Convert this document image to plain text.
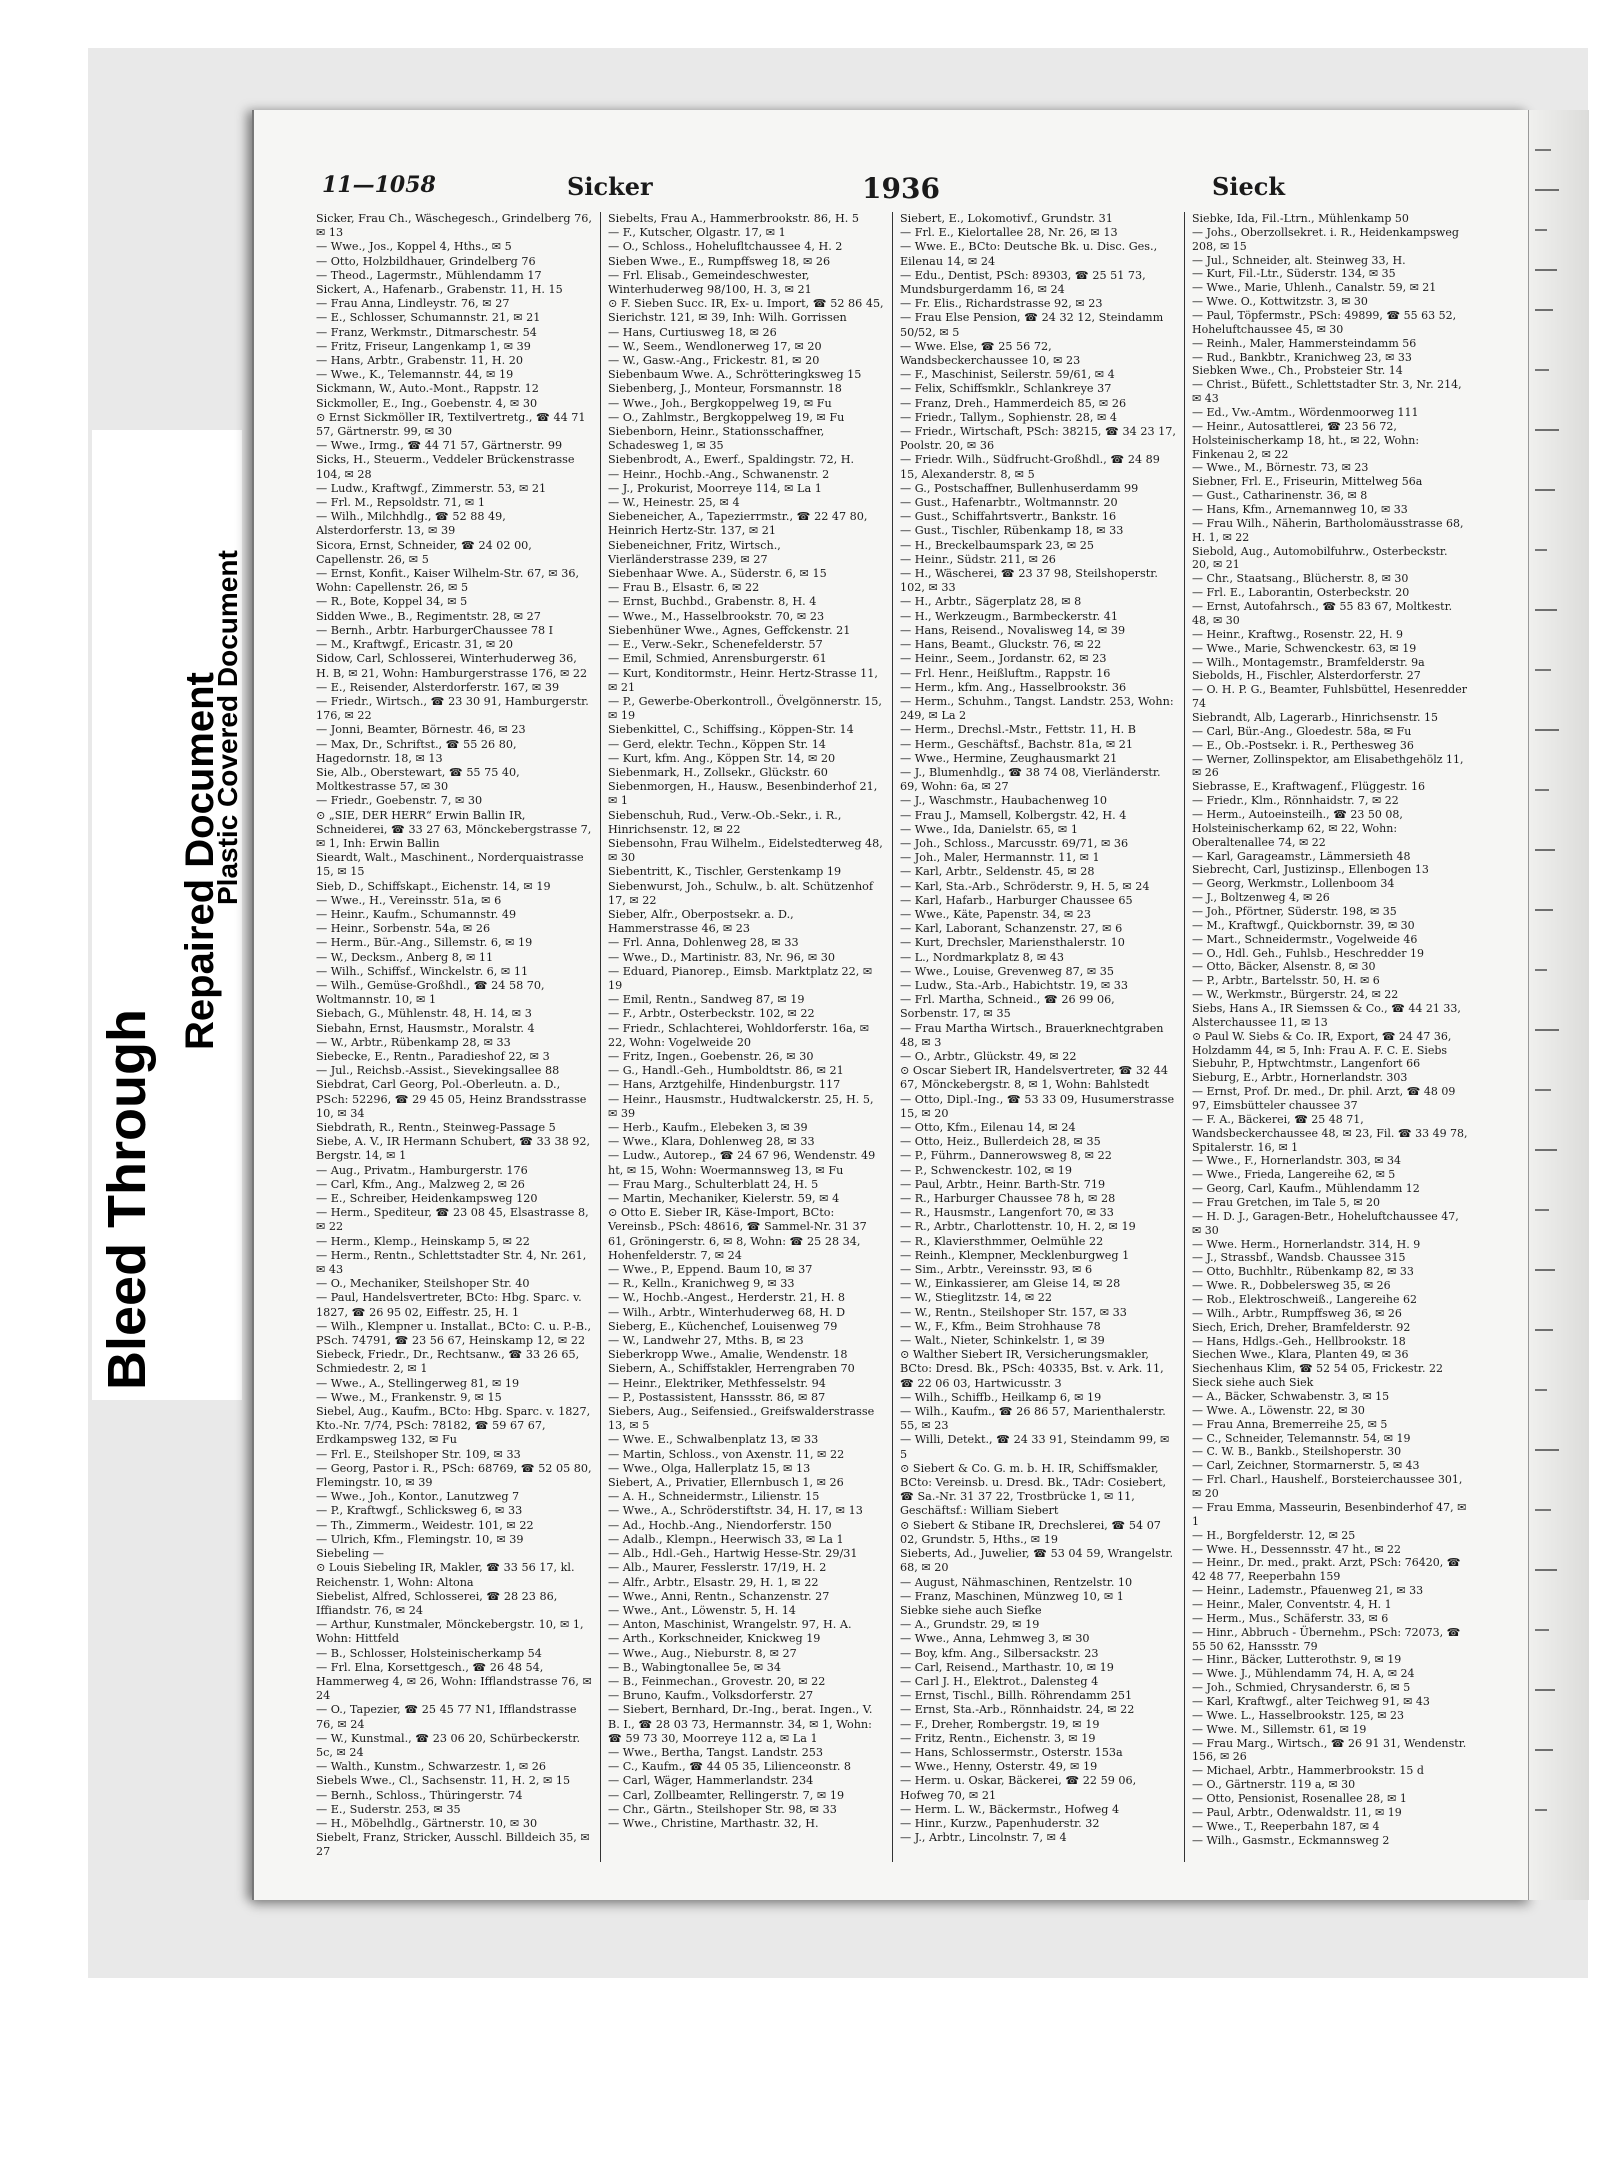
Bleed Through
Repaired Document
Plastic Covered Document
11—1058	Sicker	1936	Sieck

Sicker, Frau Ch., Wäschegesch., Grindelberg 76, ✉ 13

— Wwe., Jos., Koppel 4, Hths., ✉ 5

— Otto, Holzbildhauer, Grindelberg 76

— Theod., Lagermstr., Mühlendamm 17

Sickert, A., Hafenarb., Grabenstr. 11, H. 15

— Frau Anna, Lindleystr. 76, ✉ 27

— E., Schlosser, Schumannstr. 21, ✉ 21

— Franz, Werkmstr., Ditmarschestr. 54

— Fritz, Friseur, Langenkamp 1, ✉ 39

— Hans, Arbtr., Grabenstr. 11, H. 20

— Wwe., K., Telemannstr. 44, ✉ 19

Sickmann, W., Auto.-Mont., Rappstr. 12

Sickmoller, E., Ing., Goebenstr. 4, ✉ 30

⊙ Ernst Sickmöller IR, Textilvertretg., ☎ 44 71 57, Gärtnerstr. 99, ✉ 30

— Wwe., Irmg., ☎ 44 71 57, Gärtnerstr. 99

Sicks, H., Steuerm., Veddeler Brückenstrasse 104, ✉ 28

— Ludw., Kraftwgf., Zimmerstr. 53, ✉ 21

— Frl. M., Repsoldstr. 71, ✉ 1

— Wilh., Milchhdlg., ☎ 52 88 49, Alsterdorferstr. 13, ✉ 39

Sicora, Ernst, Schneider, ☎ 24 02 00, Capellenstr. 26, ✉ 5

— Ernst, Konfit., Kaiser Wilhelm-Str. 67, ✉ 36, Wohn: Capellenstr. 26, ✉ 5

— R., Bote, Koppel 34, ✉ 5

Sidden Wwe., B., Regimentstr. 28, ✉ 27

— Bernh., Arbtr. HarburgerChaussee 78 I

— M., Kraftwgf., Ericastr. 31, ✉ 20

Sidow, Carl, Schlosserei, Winterhuderweg 36, H. B, ✉ 21, Wohn: Hamburgerstrasse 176, ✉ 22

— E., Reisender, Alsterdorferstr. 167, ✉ 39

— Friedr., Wirtsch., ☎ 23 30 91, Hamburgerstr. 176, ✉ 22

— Jonni, Beamter, Börnestr. 46, ✉ 23

— Max, Dr., Schriftst., ☎ 55 26 80, Hagedornstr. 18, ✉ 13

Sie, Alb., Oberstewart, ☎ 55 75 40, Moltkestrasse 57, ✉ 30

— Friedr., Goebenstr. 7, ✉ 30

⊙ „SIE, DER HERR“ Erwin Ballin IR, Schneiderei, ☎ 33 27 63, Mönckebergstrasse 7, ✉ 1, Inh: Erwin Ballin

Sieardt, Walt., Maschinent., Norderquaistrasse 15, ✉ 15

Sieb, D., Schiffskapt., Eichenstr. 14, ✉ 19

— Wwe., H., Vereinsstr. 51a, ✉ 6

— Heinr., Kaufm., Schumannstr. 49

— Heinr., Sorbenstr. 54a, ✉ 26

— Herm., Bür.-Ang., Sillemstr. 6, ✉ 19

— W., Decksm., Anberg 8, ✉ 11

— Wilh., Schiffsf., Winckelstr. 6, ✉ 11

— Wilh., Gemüse-Großhdl., ☎ 24 58 70, Woltmannstr. 10, ✉ 1

Siebach, G., Mühlenstr. 48, H. 14, ✉ 3

Siebahn, Ernst, Hausmstr., Moralstr. 4

— W., Arbtr., Rübenkamp 28, ✉ 33

Siebecke, E., Rentn., Paradieshof 22, ✉ 3

— Jul., Reichsb.-Assist., Sievekingsallee 88

Siebdrat, Carl Georg, Pol.-Oberleutn. a. D., PSch: 52296, ☎ 29 45 05, Heinz Brandsstrasse 10, ✉ 34

Siebdrath, R., Rentn., Steinweg-Passage 5

Siebe, A. V., IR Hermann Schubert, ☎ 33 38 92, Bergstr. 14, ✉ 1

— Aug., Privatm., Hamburgerstr. 176

— Carl, Kfm., Ang., Malzweg 2, ✉ 26

— E., Schreiber, Heidenkampsweg 120

— Herm., Spediteur, ☎ 23 08 45, Elsastrasse 8, ✉ 22

— Herm., Klemp., Heinskamp 5, ✉ 22

— Herm., Rentn., Schlettstadter Str. 4, Nr. 261, ✉ 43

— O., Mechaniker, Steilshoper Str. 40

— Paul, Handelsvertreter, BCto: Hbg. Sparc. v. 1827, ☎ 26 95 02, Eiffestr. 25, H. 1

— Wilh., Klempner u. Installat., BCto: C. u. P.-B., PSch. 74791, ☎ 23 56 67, Heinskamp 12, ✉ 22

Siebeck, Friedr., Dr., Rechtsanw., ☎ 33 26 65, Schmiedestr. 2, ✉ 1

— Wwe., A., Stellingerweg 81, ✉ 19

— Wwe., M., Frankenstr. 9, ✉ 15

Siebel, Aug., Kaufm., BCto: Hbg. Sparc. v. 1827, Kto.-Nr. 7/74, PSch: 78182, ☎ 59 67 67, Erdkampsweg 132, ✉ Fu

— Frl. E., Steilshoper Str. 109, ✉ 33

— Georg, Pastor i. R., PSch: 68769, ☎ 52 05 80, Flemingstr. 10, ✉ 39

— Wwe., Joh., Kontor., Lanutzweg 7

— P., Kraftwgf., Schlicksweg 6, ✉ 33

— Th., Zimmerm., Weidestr. 101, ✉ 22

— Ulrich, Kfm., Flemingstr. 10, ✉ 39

Siebeling —

⊙ Louis Siebeling IR, Makler, ☎ 33 56 17, kl. Reichenstr. 1, Wohn: Altona

Siebelist, Alfred, Schlosserei, ☎ 28 23 86, Iffiandstr. 76, ✉ 24

— Arthur, Kunstmaler, Mönckebergstr. 10, ✉ 1, Wohn: Hittfeld

— B., Schlosser, Holsteinischerkamp 54

— Frl. Elna, Korsettgesch., ☎ 26 48 54, Hammerweg 4, ✉ 26, Wohn: Ifflandstrasse 76, ✉ 24

— O., Tapezier, ☎ 25 45 77 N1, Ifflandstrasse 76, ✉ 24

— W., Kunstmal., ☎ 23 06 20, Schürbeckerstr. 5c, ✉ 24

— Walth., Kunstm., Schwarzestr. 1, ✉ 26

Siebels Wwe., Cl., Sachsenstr. 11, H. 2, ✉ 15

— Bernh., Schloss., Thüringerstr. 74

— E., Suderstr. 253, ✉ 35

— H., Möbelhdlg., Gärtnerstr. 10, ✉ 30

Siebelt, Franz, Stricker, Ausschl. Billdeich 35, ✉ 27

Siebelts, Frau A., Hammerbrookstr. 86, H. 5

— F., Kutscher, Olgastr. 17, ✉ 1

— O., Schloss., Hohelufltchaussee 4, H. 2

Sieben Wwe., E., Rumpffsweg 18, ✉ 26

— Frl. Elisab., Gemeindeschwester, Winterhuderweg 98/100, H. 3, ✉ 21

⊙ F. Sieben Succ. IR, Ex- u. Import, ☎ 52 86 45, Sierichstr. 121, ✉ 39, Inh: Wilh. Gorrissen

— Hans, Curtiusweg 18, ✉ 26

— W., Seem., Wendlonerweg 17, ✉ 20

— W., Gasw.-Ang., Frickestr. 81, ✉ 20

Siebenbaum Wwe. A., Schrötteringksweg 15

Siebenberg, J., Monteur, Forsmannstr. 18

— Wwe., Joh., Bergkoppelweg 19, ✉ Fu

— O., Zahlmstr., Bergkoppelweg 19, ✉ Fu

Siebenborn, Heinr., Stationsschaffner, Schadesweg 1, ✉ 35

Siebenbrodt, A., Ewerf., Spaldingstr. 72, H.

— Heinr., Hochb.-Ang., Schwanenstr. 2

— J., Prokurist, Moorreye 114, ✉ La 1

— W., Heinestr. 25, ✉ 4

Siebeneicher, A., Tapezierrmstr., ☎ 22 47 80, Heinrich Hertz-Str. 137, ✉ 21

Siebeneichner, Fritz, Wirtsch., Vierländerstrasse 239, ✉ 27

Siebenhaar Wwe. A., Süderstr. 6, ✉ 15

— Frau B., Elsastr. 6, ✉ 22

— Ernst, Buchbd., Grabenstr. 8, H. 4

— Wwe., M., Hasselbrookstr. 70, ✉ 23

Siebenhüner Wwe., Agnes, Geffckenstr. 21

— E., Verw.-Sekr., Schenefelderstr. 57

— Emil, Schmied, Anrensburgerstr. 61

— Kurt, Konditormstr., Heinr. Hertz-Strasse 11, ✉ 21

— P., Gewerbe-Oberkontroll., Övelgönnerstr. 15, ✉ 19

Siebenkittel, C., Schiffsing., Köppen-Str. 14

— Gerd, elektr. Techn., Köppen Str. 14

— Kurt, kfm. Ang., Köppen Str. 14, ✉ 20

Siebenmark, H., Zollsekr., Glückstr. 60

Siebenmorgen, H., Hausw., Besenbinderhof 21, ✉ 1

Siebenschuh, Rud., Verw.-Ob.-Sekr., i. R., Hinrichsenstr. 12, ✉ 22

Siebensohn, Frau Wilhelm., Eidelstedterweg 48, ✉ 30

Siebentritt, K., Tischler, Gerstenkamp 19

Siebenwurst, Joh., Schulw., b. alt. Schützenhof 17, ✉ 22

Sieber, Alfr., Oberpostsekr. a. D., Hammerstrasse 46, ✉ 23

— Frl. Anna, Dohlenweg 28, ✉ 33

— Wwe., D., Martinistr. 83, Nr. 96, ✉ 30

— Eduard, Pianorep., Eimsb. Marktplatz 22, ✉ 19

— Emil, Rentn., Sandweg 87, ✉ 19

— F., Arbtr., Osterbeckstr. 102, ✉ 22

— Friedr., Schlachterei, Wohldorferstr. 16a, ✉ 22, Wohn: Vogelweide 20

— Fritz, Ingen., Goebenstr. 26, ✉ 30

— G., Handl.-Geh., Humboldtstr. 86, ✉ 21

— Hans, Arztgehilfe, Hindenburgstr. 117

— Heinr., Hausmstr., Hudtwalckerstr. 25, H. 5, ✉ 39

— Herb., Kaufm., Elebeken 3, ✉ 39

— Wwe., Klara, Dohlenweg 28, ✉ 33

— Ludw., Autorep., ☎ 24 67 96, Wendenstr. 49 ht, ✉ 15, Wohn: Woermannsweg 13, ✉ Fu

— Frau Marg., Schulterblatt 24, H. 5

— Martin, Mechaniker, Kielerstr. 59, ✉ 4

⊙ Otto E. Sieber IR, Käse-Import, BCto: Vereinsb., PSch: 48616, ☎ Sammel-Nr. 31 37 61, Gröningerstr. 6, ✉ 8, Wohn: ☎ 25 28 34, Hohenfelderstr. 7, ✉ 24

— Wwe., P., Eppend. Baum 10, ✉ 37

— R., Kelln., Kranichweg 9, ✉ 33

— W., Hochb.-Angest., Herderstr. 21, H. 8

— Wilh., Arbtr., Winterhuderweg 68, H. D

Sieberg, E., Küchenchef, Louisenweg 79

— W., Landwehr 27, Mths. B, ✉ 23

Sieberkropp Wwe., Amalie, Wendenstr. 18

Siebern, A., Schiffstakler, Herrengraben 70

— Heinr., Elektriker, Methfesselstr. 94

— P., Postassistent, Hanssstr. 86, ✉ 87

Siebers, Aug., Seifensied., Greifswalderstrasse 13, ✉ 5

— Wwe. E., Schwalbenplatz 13, ✉ 33

— Martin, Schloss., von Axenstr. 11, ✉ 22

— Wwe., Olga, Hallerplatz 15, ✉ 13

Siebert, A., Privatier, Ellernbusch 1, ✉ 26

— A. H., Schneidermstr., Lilienstr. 15

— Wwe., A., Schröderstiftstr. 34, H. 17, ✉ 13

— Ad., Hochb.-Ang., Niendorferstr. 150

— Adalb., Klempn., Heerwisch 33, ✉ La 1

— Alb., Hdl.-Geh., Hartwig Hesse-Str. 29/31

— Alb., Maurer, Fesslerstr. 17/19, H. 2

— Alfr., Arbtr., Elsastr. 29, H. 1, ✉ 22

— Wwe., Anni, Rentn., Schanzenstr. 27

— Wwe., Ant., Löwenstr. 5, H. 14

— Anton, Maschinist, Wrangelstr. 97, H. A.

— Arth., Korkschneider, Knickweg 19

— Wwe., Aug., Nieburstr. 8, ✉ 27

— B., Wabingtonallee 5e, ✉ 34

— B., Feinmechan., Grovestr. 20, ✉ 22

— Bruno, Kaufm., Volksdorferstr. 27

— Siebert, Bernhard, Dr.-Ing., berat. Ingen., V. B. I., ☎ 28 03 73, Hermannstr. 34, ✉ 1, Wohn: ☎ 59 73 30, Moorreye 112 a, ✉ La 1

— Wwe., Bertha, Tangst. Landstr. 253

— C., Kaufm., ☎ 44 05 35, Lilienceonstr. 8

— Carl, Wäger, Hammerlandstr. 234

— Carl, Zollbeamter, Rellingerstr. 7, ✉ 19

— Chr., Gärtn., Steilshoper Str. 98, ✉ 33

— Wwe., Christine, Marthastr. 32, H.

Siebert, E., Lokomotivf., Grundstr. 31

— Frl. E., Kielortallee 28, Nr. 26, ✉ 13

— Wwe. E., BCto: Deutsche Bk. u. Disc. Ges., Eilenau 14, ✉ 24

— Edu., Dentist, PSch: 89303, ☎ 25 51 73, Mundsburgerdamm 16, ✉ 24

— Fr. Elis., Richardstrasse 92, ✉ 23

— Frau Else Pension, ☎ 24 32 12, Steindamm 50/52, ✉ 5

— Wwe. Else, ☎ 25 56 72, Wandsbeckerchaussee 10, ✉ 23

— F., Maschinist, Seilerstr. 59/61, ✉ 4

— Felix, Schiffsmklr., Schlankreye 37

— Franz, Dreh., Hammerdeich 85, ✉ 26

— Friedr., Tallym., Sophienstr. 28, ✉ 4

— Friedr., Wirtschaft, PSch: 38215, ☎ 34 23 17, Poolstr. 20, ✉ 36

— Friedr. Wilh., Südfrucht-Großhdl., ☎ 24 89 15, Alexanderstr. 8, ✉ 5

— G., Postschaffner, Bullenhuserdamm 99

— Gust., Hafenarbtr., Woltmannstr. 20

— Gust., Schiffahrtsvertr., Bankstr. 16

— Gust., Tischler, Rübenkamp 18, ✉ 33

— H., Breckelbaumspark 23, ✉ 25

— Heinr., Südstr. 211, ✉ 26

— H., Wäscherei, ☎ 23 37 98, Steilshoperstr. 102, ✉ 33

— H., Arbtr., Sägerplatz 28, ✉ 8

— H., Werkzeugm., Barmbeckerstr. 41

— Hans, Reisend., Novalisweg 14, ✉ 39

— Hans, Beamt., Gluckstr. 76, ✉ 22

— Heinr., Seem., Jordanstr. 62, ✉ 23

— Frl. Henr., Heißluftm., Rappstr. 16

— Herm., kfm. Ang., Hasselbrookstr. 36

— Herm., Schuhm., Tangst. Landstr. 253, Wohn: 249, ✉ La 2

— Herm., Drechsl.-Mstr., Fettstr. 11, H. B

— Herm., Geschäftsf., Bachstr. 81a, ✉ 21

— Wwe., Hermine, Zeughausmarkt 21

— J., Blumenhdlg., ☎ 38 74 08, Vierländerstr. 69, Wohn: 6a, ✉ 27

— J., Waschmstr., Haubachenweg 10

— Frau J., Mamsell, Kolbergstr. 42, H. 4

— Wwe., Ida, Danielstr. 65, ✉ 1

— Joh., Schloss., Marcusstr. 69/71, ✉ 36

— Joh., Maler, Hermannstr. 11, ✉ 1

— Karl, Arbtr., Seldenstr. 45, ✉ 28

— Karl, Sta.-Arb., Schröderstr. 9, H. 5, ✉ 24

— Karl, Hafarb., Harburger Chaussee 65

— Wwe., Käte, Papenstr. 34, ✉ 23

— Karl, Laborant, Schanzenstr. 27, ✉ 6

— Kurt, Drechsler, Mariensthalerstr. 10

— L., Nordmarkplatz 8, ✉ 43

— Wwe., Louise, Grevenweg 87, ✉ 35

— Ludw., Sta.-Arb., Habichtstr. 19, ✉ 33

— Frl. Martha, Schneid., ☎ 26 99 06, Sorbenstr. 17, ✉ 35

— Frau Martha Wirtsch., Brauerknechtgraben 48, ✉ 3

— O., Arbtr., Glückstr. 49, ✉ 22

⊙ Oscar Siebert IR, Handelsvertreter, ☎ 32 44 67, Mönckebergstr. 8, ✉ 1, Wohn: Bahlstedt

— Otto, Dipl.-Ing., ☎ 53 33 09, Husumerstrasse 15, ✉ 20

— Otto, Kfm., Eilenau 14, ✉ 24

— Otto, Heiz., Bullerdeich 28, ✉ 35

— P., Führm., Dannerowsweg 8, ✉ 22

— P., Schwenckestr. 102, ✉ 19

— Paul, Arbtr., Heinr. Barth-Str. 719

— R., Harburger Chaussee 78 h, ✉ 28

— R., Hausmstr., Langenfort 70, ✉ 33

— R., Arbtr., Charlottenstr. 10, H. 2, ✉ 19

— R., Klaviersthmmer, Oelmühle 22

— Reinh., Klempner, Mecklenburgweg 1

— Sim., Arbtr., Vereinsstr. 93, ✉ 6

— W., Einkassierer, am Gleise 14, ✉ 28

— W., Stieglitzstr. 14, ✉ 22

— W., Rentn., Steilshoper Str. 157, ✉ 33

— W., F., Kfm., Beim Strohhause 78

— Walt., Nieter, Schinkelstr. 1, ✉ 39

⊙ Walther Siebert IR, Versicherungsmakler, BCto: Dresd. Bk., PSch: 40335, Bst. v. Ark. 11, ☎ 22 06 03, Hartwicusstr. 3

— Wilh., Schiffb., Heilkamp 6, ✉ 19

— Wilh., Kaufm., ☎ 26 86 57, Marienthalerstr. 55, ✉ 23

— Willi, Detekt., ☎ 24 33 91, Steindamm 99, ✉ 5

⊙ Siebert & Co. G. m. b. H. IR, Schiffsmakler, BCto: Vereinsb. u. Dresd. Bk., TAdr: Cosiebert, ☎ Sa.-Nr. 31 37 22, Trostbrücke 1, ✉ 11, Geschäftsf.: William Siebert

⊙ Siebert & Stibane IR, Drechslerei, ☎ 54 07 02, Grundstr. 5, Hths., ✉ 19

Sieberts, Ad., Juwelier, ☎ 53 04 59, Wrangelstr. 68, ✉ 20

— August, Nähmaschinen, Rentzelstr. 10

— Franz, Maschinen, Münzweg 10, ✉ 1

Siebke siehe auch Siefke

— A., Grundstr. 29, ✉ 19

— Wwe., Anna, Lehmweg 3, ✉ 30

— Boy, kfm. Ang., Silbersackstr. 23

— Carl, Reisend., Marthastr. 10, ✉ 19

— Carl J. H., Elektrot., Dalensteg 4

— Ernst, Tischl., Billh. Röhrendamm 251

— Ernst, Sta.-Arb., Rönnhaidstr. 24, ✉ 22

— F., Dreher, Rombergstr. 19, ✉ 19

— Fritz, Rentn., Eichenstr. 3, ✉ 19

— Hans, Schlossermstr., Osterstr. 153a

— Wwe., Henny, Osterstr. 49, ✉ 19

— Herm. u. Oskar, Bäckerei, ☎ 22 59 06, Hofweg 70, ✉ 21

— Herm. L. W., Bäckermstr., Hofweg 4

— Hinr., Kurzw., Papenhuderstr. 32

— J., Arbtr., Lincolnstr. 7, ✉ 4

Siebke, Ida, Fil.-Ltrn., Mühlenkamp 50

— Johs., Oberzollsekret. i. R., Heidenkampsweg 208, ✉ 15

— Jul., Schneider, alt. Steinweg 33, H.

— Kurt, Fil.-Ltr., Süderstr. 134, ✉ 35

— Wwe., Marie, Uhlenh., Canalstr. 59, ✉ 21

— Wwe. O., Kottwitzstr. 3, ✉ 30

— Paul, Töpfermstr., PSch: 49899, ☎ 55 63 52, Hoheluftchaussee 45, ✉ 30

— Reinh., Maler, Hammersteindamm 56

— Rud., Bankbtr., Kranichweg 23, ✉ 33

Siebken Wwe., Ch., Probsteier Str. 14

— Christ., Büfett., Schlettstadter Str. 3, Nr. 214, ✉ 43

— Ed., Vw.-Amtm., Wördenmoorweg 111

— Heinr., Autosattlerei, ☎ 23 56 72, Holsteinischerkamp 18, ht., ✉ 22, Wohn: Finkenau 2, ✉ 22

— Wwe., M., Börnestr. 73, ✉ 23

Siebner, Frl. E., Friseurin, Mittelweg 56a

— Gust., Catharinenstr. 36, ✉ 8

— Hans, Kfm., Arnemannweg 10, ✉ 33

— Frau Wilh., Näherin, Bartholomäusstrasse 68, H. 1, ✉ 22

Siebold, Aug., Automobilfuhrw., Osterbeckstr. 20, ✉ 21

— Chr., Staatsang., Blücherstr. 8, ✉ 30

— Frl. E., Laborantin, Osterbeckstr. 20

— Ernst, Autofahrsch., ☎ 55 83 67, Moltkestr. 48, ✉ 30

— Heinr., Kraftwg., Rosenstr. 22, H. 9

— Wwe., Marie, Schwenckestr. 63, ✉ 19

— Wilh., Montagemstr., Bramfelderstr. 9a

Siebolds, H., Fischler, Alsterdorferstr. 27

— O. H. P. G., Beamter, Fuhlsbüttel, Hesenredder 74

Siebrandt, Alb, Lagerarb., Hinrichsenstr. 15

— Carl, Bür.-Ang., Gloedestr. 58a, ✉ Fu

— E., Ob.-Postsekr. i. R., Perthesweg 36

— Werner, Zollinspektor, am Elisabethgehölz 11, ✉ 26

Siebrasse, E., Kraftwagenf., Flüggestr. 16

— Friedr., Klm., Rönnhaidstr. 7, ✉ 22

— Herm., Autoeinsteilh., ☎ 23 50 08, Holsteinischerkamp 62, ✉ 22, Wohn: Oberaltenallee 74, ✉ 22

— Karl, Garageamstr., Lämmersieth 48

Siebrecht, Carl, Justizinsp., Ellenbogen 13

— Georg, Werkmstr., Lollenboom 34

— J., Boltzenweg 4, ✉ 26

— Joh., Pförtner, Süderstr. 198, ✉ 35

— M., Kraftwgf., Quickbornstr. 39, ✉ 30

— Mart., Schneidermstr., Vogelweide 46

— O., Hdl. Geh., Fuhlsb., Heschredder 19

— Otto, Bäcker, Alsenstr. 8, ✉ 30

— P., Arbtr., Bartelsstr. 50, H. ✉ 6

— W., Werkmstr., Bürgerstr. 24, ✉ 22

Siebs, Hans A., IR Siemssen & Co., ☎ 44 21 33, Alsterchaussee 11, ✉ 13

⊙ Paul W. Siebs & Co. IR, Export, ☎ 24 47 36, Holzdamm 44, ✉ 5, Inh: Frau A. F. C. E. Siebs

Siebuhr, P., Hptwchtmstr., Langenfort 66

Sieburg, E., Arbtr., Hornerlandstr. 303

— Ernst, Prof. Dr. med., Dr. phil. Arzt, ☎ 48 09 97, Eimsbütteler chaussee 37

— F. A., Bäckerei, ☎ 25 48 71, Wandsbeckerchaussee 48, ✉ 23, Fil. ☎ 33 49 78, Spitalerstr. 16, ✉ 1

— Wwe., F., Hornerlandstr. 303, ✉ 34

— Wwe., Frieda, Langereihe 62, ✉ 5

— Georg, Carl, Kaufm., Mühlendamm 12

— Frau Gretchen, im Tale 5, ✉ 20

— H. D. J., Garagen-Betr., Hoheluftchaussee 47, ✉ 30

— Wwe. Herm., Hornerlandstr. 314, H. 9

— J., Strassbf., Wandsb. Chaussee 315

— Otto, Buchhltr., Rübenkamp 82, ✉ 33

— Wwe. R., Dobbelersweg 35, ✉ 26

— Rob., Elektroschweiß., Langereihe 62

— Wilh., Arbtr., Rumpffsweg 36, ✉ 26

Siech, Erich, Dreher, Bramfelderstr. 92

— Hans, Hdlgs.-Geh., Hellbrookstr. 18

Siechen Wwe., Klara, Planten 49, ✉ 36

Siechenhaus Klim, ☎ 52 54 05, Frickestr. 22

Sieck siehe auch Siek

— A., Bäcker, Schwabenstr. 3, ✉ 15

— Wwe. A., Löwenstr. 22, ✉ 30

— Frau Anna, Bremerreihe 25, ✉ 5

— C., Schneider, Telemannstr. 54, ✉ 19

— C. W. B., Bankb., Steilshoperstr. 30

— Carl, Zeichner, Stormarnerstr. 5, ✉ 43

— Frl. Charl., Haushelf., Borsteierchaussee 301, ✉ 20

— Frau Emma, Masseurin, Besenbinderhof 47, ✉ 1

— H., Borgfelderstr. 12, ✉ 25

— Wwe. H., Dessennsstr. 47 ht., ✉ 22

— Heinr., Dr. med., prakt. Arzt, PSch: 76420, ☎ 42 48 77, Reeperbahn 159

— Heinr., Lademstr., Pfauenweg 21, ✉ 33

— Heinr., Maler, Conventstr. 4, H. 1

— Herm., Mus., Schäferstr. 33, ✉ 6

— Hinr., Abbruch - Übernehm., PSch: 72073, ☎ 55 50 62, Hanssstr. 79

— Hinr., Bäcker, Lutterothstr. 9, ✉ 19

— Wwe. J., Mühlendamm 74, H. A, ✉ 24

— Joh., Schmied, Chrysanderstr. 6, ✉ 5

— Karl, Kraftwgf., alter Teichweg 91, ✉ 43

— Wwe. L., Hasselbrookstr. 125, ✉ 23

— Wwe. M., Sillemstr. 61, ✉ 19

— Frau Marg., Wirtsch., ☎ 26 91 31, Wendenstr. 156, ✉ 26

— Michael, Arbtr., Hammerbrookstr. 15 d

— O., Gärtnerstr. 119 a, ✉ 30

— Otto, Pensionist, Rosenallee 28, ✉ 1

— Paul, Arbtr., Odenwaldstr. 11, ✉ 19

— Wwe., T., Reeperbahn 187, ✉ 4

— Wilh., Gasmstr., Eckmannsweg 2
